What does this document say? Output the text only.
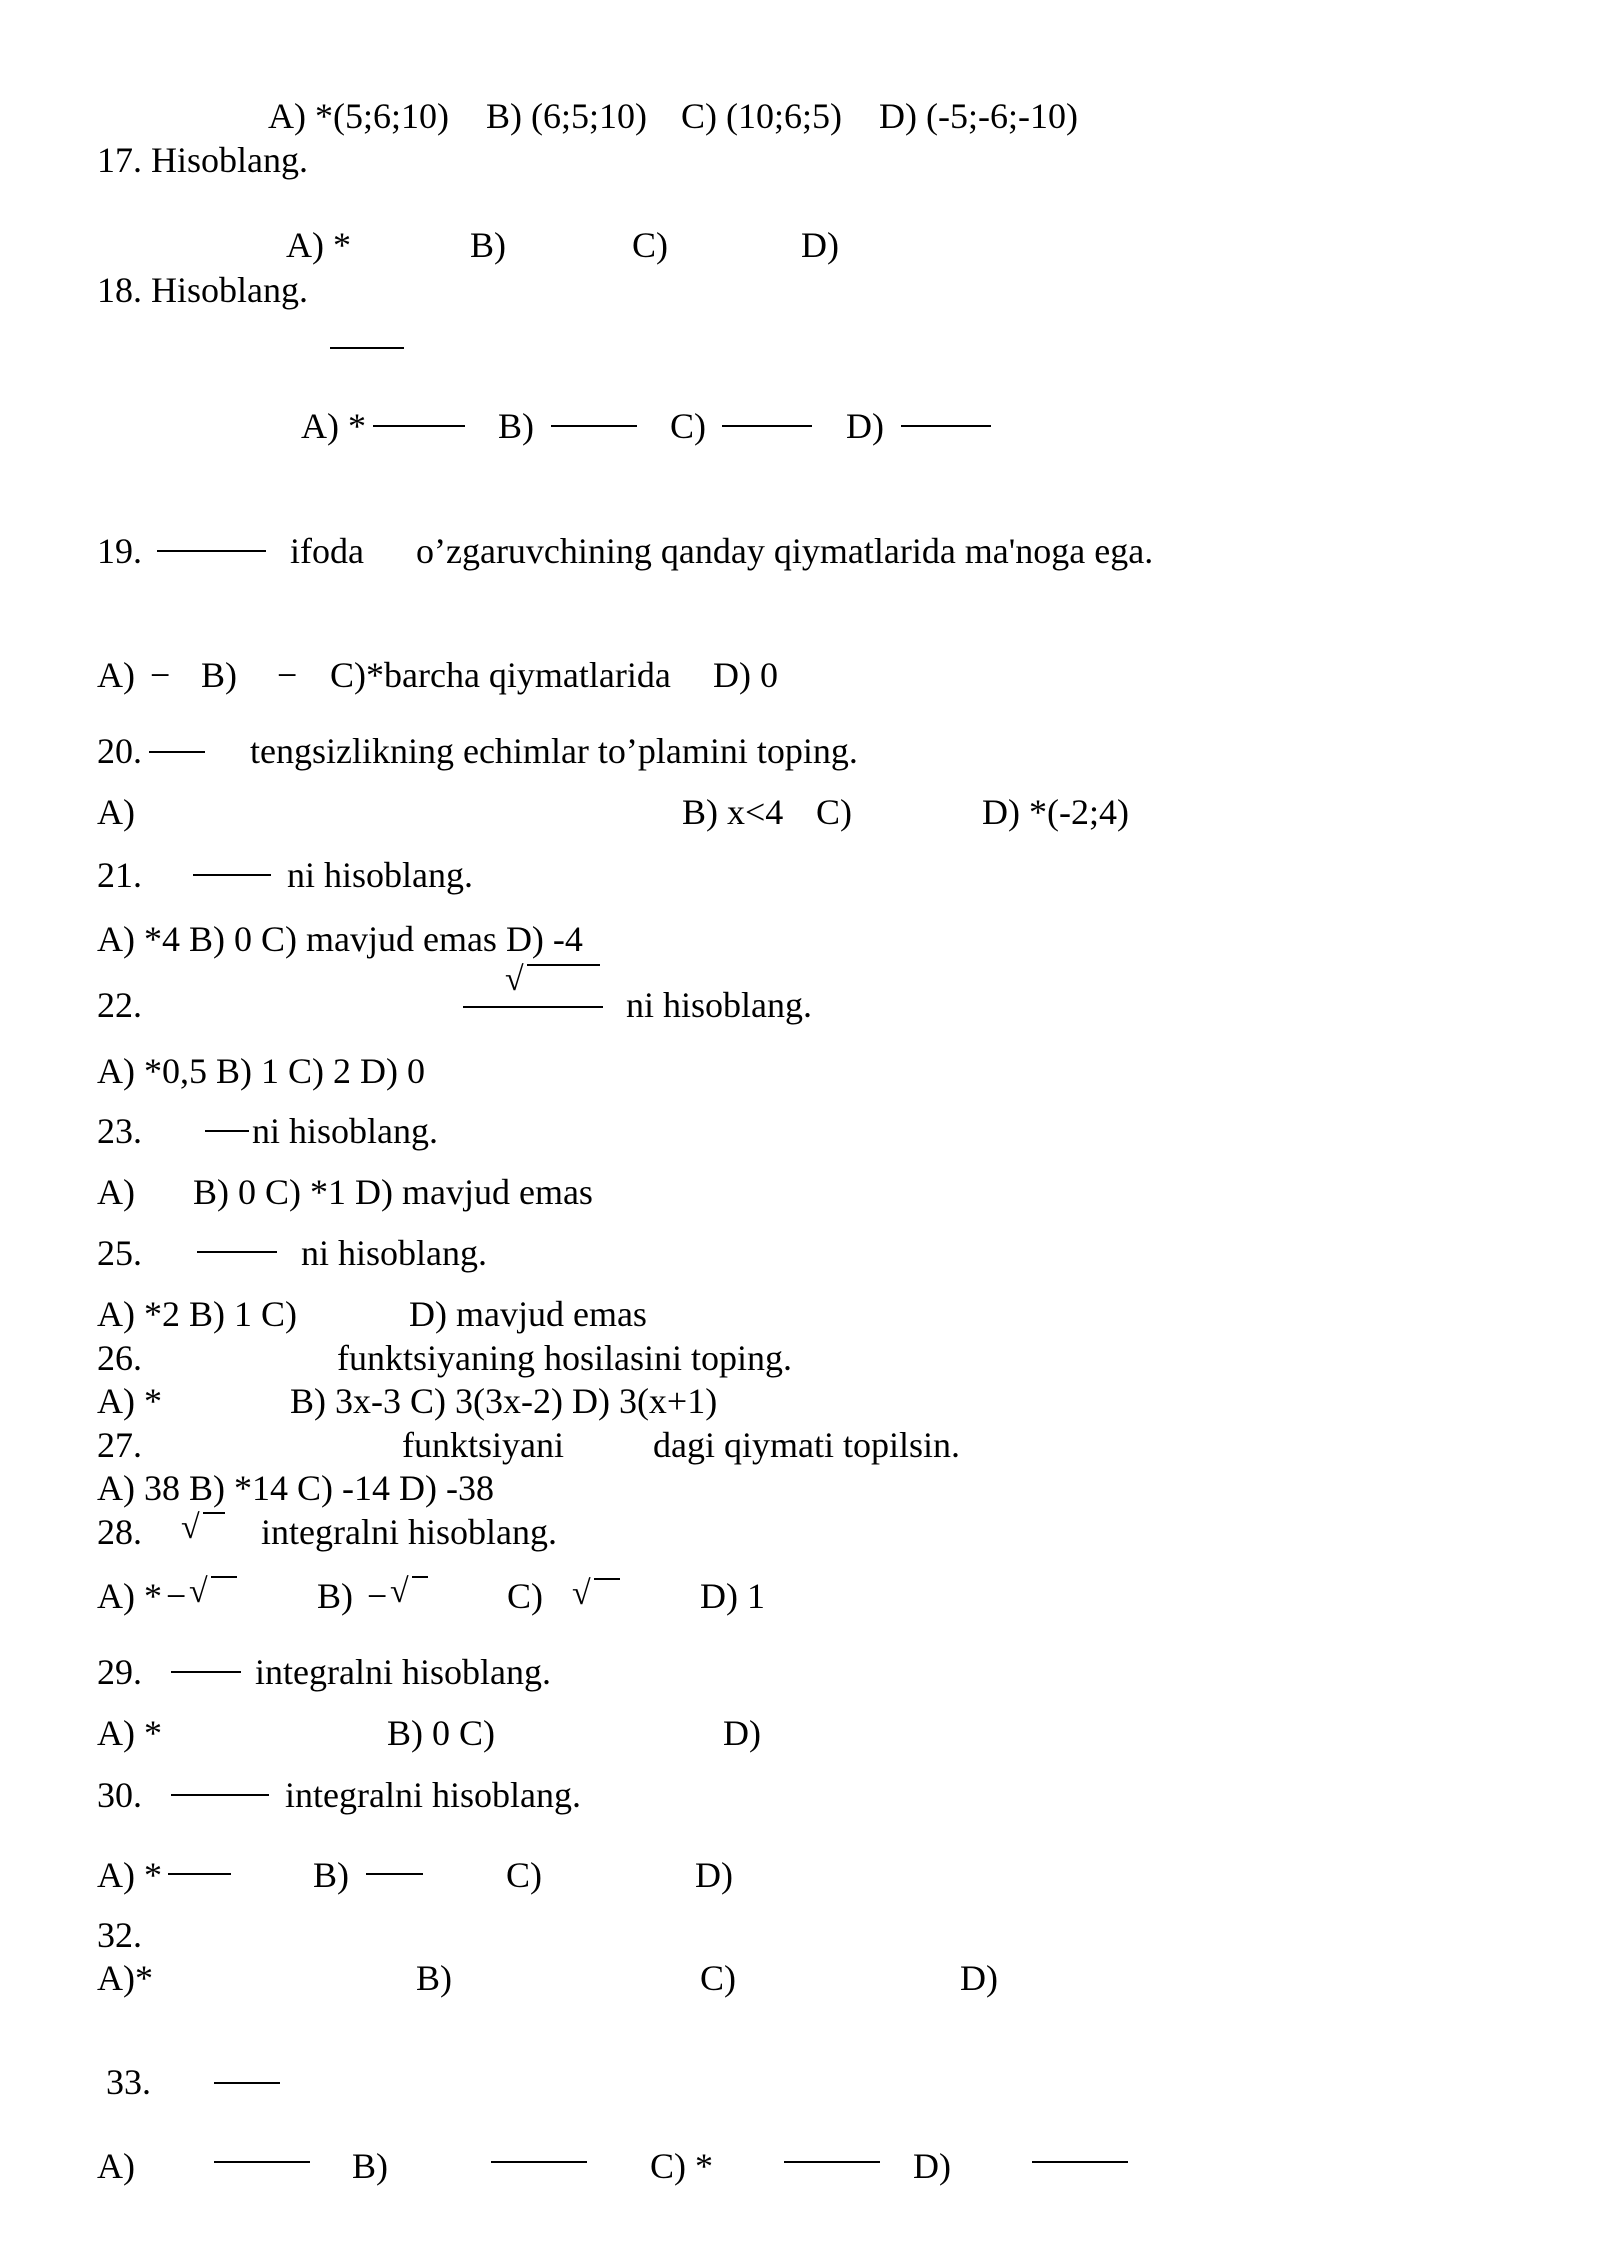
A) *(5;6;10) B) (6;5;10) C) (10;6;5) D) (-5;-6;-10)
17. Hisoblang.
A) *	B)	C)	D)
18. Hisoblang.
A) *	B)	C)	D)
19.	ifoda o’zgaruvchining qanday qiymatlarida ma'noga ega.
A) − B) − C)*barcha qiymatlarida D) 0
20.	tengsizlikning echimlar to’plamini toping.
A)	B) x<4 C)	D) *(-2;4)
21.	ni hisoblang.
A) *4 B) 0 C) mavjud emas D) -4
22.
√
ni hisoblang.
A) *0,5 B) 1 C) 2 D) 0
23.	ni hisoblang.
A) B) 0 C) *1 D) mavjud emas
25.	ni hisoblang.
A) *2 B) 1 C)	D) mavjud emas
26.	funktsiyaning hosilasini toping.
A) *	B) 3x-3 C) 3(3x-2) D) 3(x+1)
27.	funktsiyani dagi qiymati topilsin.
A) 38 B) *14 C) -14 D) -38
28. √ integralni hisoblang.
A) * − √	B) − √	C) √	D) 1
29.	integralni hisoblang.
A) *	B) 0 C)	D)
30.	integralni hisoblang.
A) *	B)	C)	D)
32.
A)*	B)	C)	D)
33.
A)	B)	C) *	D)
